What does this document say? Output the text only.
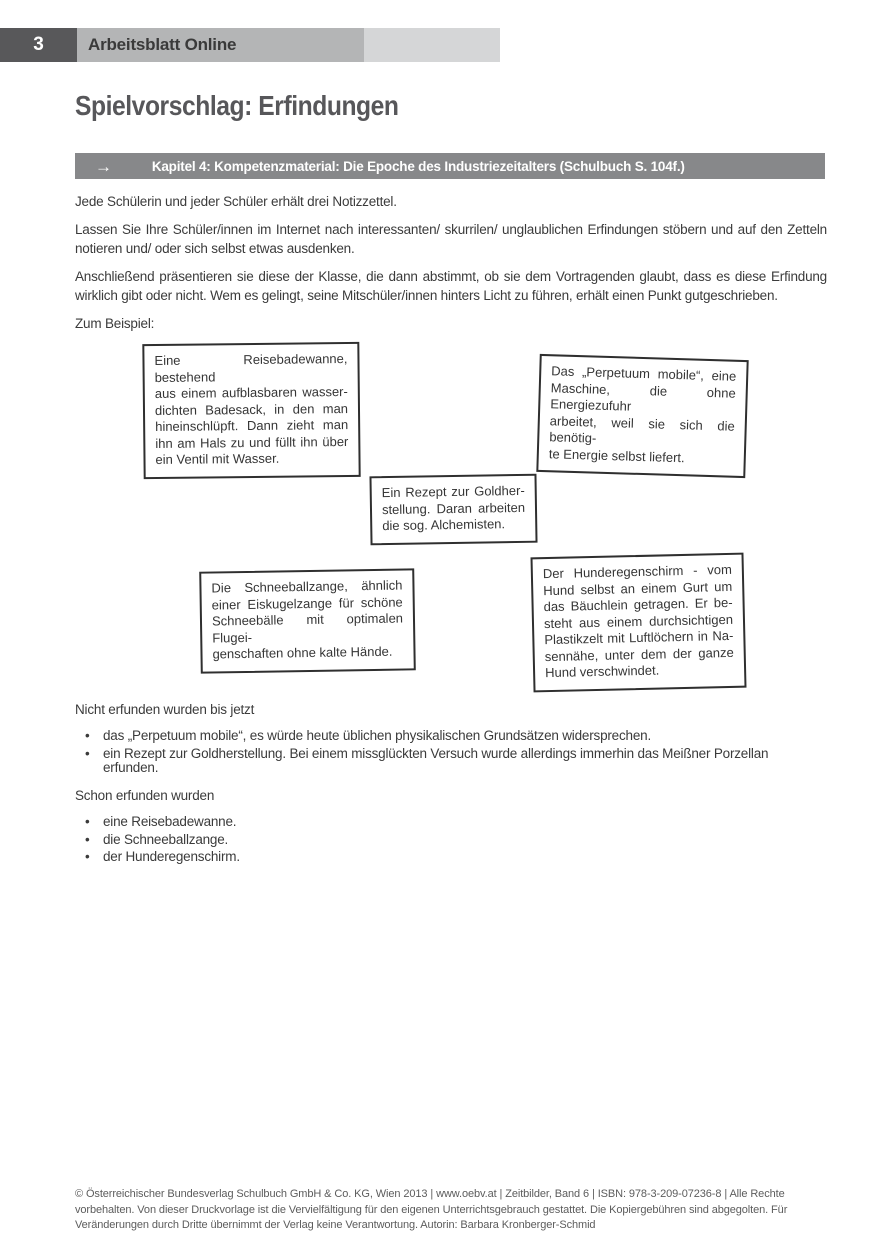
3	Arbeitsblatt Online
Spielvorschlag: Erfindungen
→	Kapitel 4: Kompetenzmaterial: Die Epoche des Industriezeitalters (Schulbuch S. 104f.)

Jede Schülerin und jeder Schüler erhält drei Notizzettel.

Lassen Sie Ihre Schüler/innen im Internet nach interessanten/ skurrilen/ unglaublichen Erfindungen stöbern und auf den Zetteln notieren und/ oder sich selbst etwas ausdenken.

Anschließend präsentieren sie diese der Klasse, die dann abstimmt, ob sie dem Vortragenden glaubt, dass es diese Erfindung wirklich gibt oder nicht. Wem es gelingt, seine Mitschüler/innen hinters Licht zu führen, erhält einen Punkt gutgeschrieben.

Zum Beispiel:

Eine Reisebadewanne, bestehend
aus einem aufblasbaren wasser-
dichten Badesack, in den man
hineinschlüpft. Dann zieht man
ihn am Hals zu und füllt ihn über
ein Ventil mit Wasser.
Das „Perpetuum mobile“, eine
Maschine, die ohne Energiezufuhr
arbeitet, weil sie sich die benötig-
te Energie selbst liefert.
Ein Rezept zur Goldher-
stellung. Daran arbeiten
die sog. Alchemisten.
Die Schneeballzange, ähnlich
einer Eiskugelzange für schöne
Schneebälle mit optimalen Flugei-
genschaften ohne kalte Hände.
Der Hunderegenschirm - vom
Hund selbst an einem Gurt um
das Bäuchlein getragen. Er be-
steht aus einem durchsichtigen
Plastikzelt mit Luftlöchern in Na-
sennähe, unter dem der ganze
Hund verschwindet.

Nicht erfunden wurden bis jetzt

• das „Perpetuum mobile“, es würde heute üblichen physikalischen Grundsätzen widersprechen.
• ein Rezept zur Goldherstellung. Bei einem missglückten Versuch wurde allerdings immerhin das Meißner Porzellan erfunden.

Schon erfunden wurden

• eine Reisebadewanne.
• die Schneeballzange.
• der Hunderegenschirm.
© Österreichischer Bundesverlag Schulbuch GmbH & Co. KG, Wien 2013 | www.oebv.at | Zeitbilder, Band 6 | ISBN: 978-3-209-07236-8 | Alle Rechte vorbehalten. Von dieser Druckvorlage ist die Vervielfältigung für den eigenen Unterrichtsgebrauch gestattet. Die Kopiergebühren sind abgegolten. Für Veränderungen durch Dritte übernimmt der Verlag keine Verantwortung. Autorin: Barbara Kronberger-Schmid
